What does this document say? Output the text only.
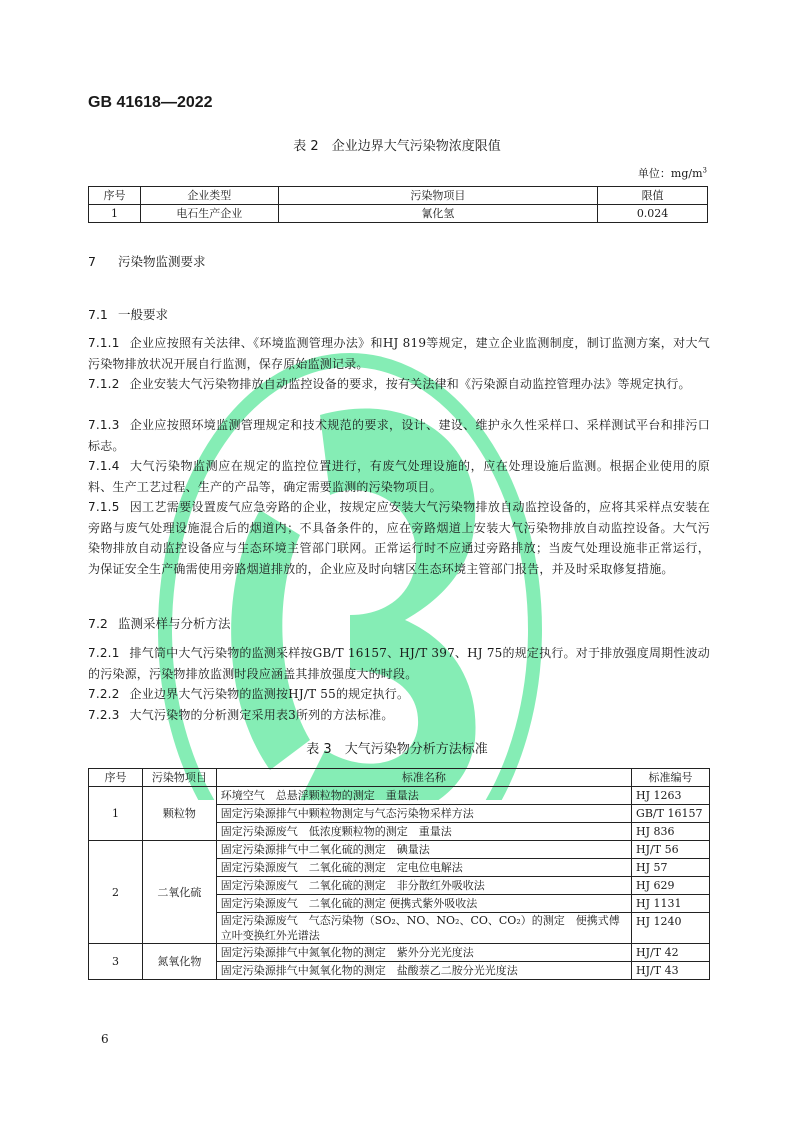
GB 41618—2022
表 2　企业边界大气污染物浓度限值
单位：$mg/m^3$
序号	企业类型	污染物项目	限值
1	电石生产企业	氰化氢	0.024
7 污染物监测要求
7.1 一般要求
7.1.1 企业应按照有关法律、《环境监测管理办法》和HJ 819等规定，建立企业监测制度，制订监测方案，对大气污染物排放状况开展自行监测，保存原始监测记录。
7.1.2 企业安装大气污染物排放自动监控设备的要求，按有关法律和《污染源自动监控管理办法》等规定执行。
7.1.3 企业应按照环境监测管理规定和技术规范的要求，设计、建设、维护永久性采样口、采样测试平台和排污口标志。
7.1.4 大气污染物监测应在规定的监控位置进行，有废气处理设施的，应在处理设施后监测。根据企业使用的原料、生产工艺过程、生产的产品等，确定需要监测的污染物项目。
7.1.5 因工艺需要设置废气应急旁路的企业，按规定应安装大气污染物排放自动监控设备的，应将其采样点安装在旁路与废气处理设施混合后的烟道内；不具备条件的，应在旁路烟道上安装大气污染物排放自动监控设备。大气污染物排放自动监控设备应与生态环境主管部门联网。正常运行时不应通过旁路排放；当废气处理设施非正常运行，为保证安全生产确需使用旁路烟道排放的，企业应及时向辖区生态环境主管部门报告，并及时采取修复措施。
7.2 监测采样与分析方法
7.2.1 排气筒中大气污染物的监测采样按GB/T 16157、HJ/T 397、HJ 75的规定执行。对于排放强度周期性波动的污染源，污染物排放监测时段应涵盖其排放强度大的时段。
7.2.2 企业边界大气污染物的监测按HJ/T 55的规定执行。
7.2.3 大气污染物的分析测定采用表3所列的方法标准。
表 3　大气污染物分析方法标准
序号	污染物项目	标准名称	标准编号
1	颗粒物	环境空气　总悬浮颗粒物的测定　重量法	HJ 1263
		固定污染源排气中颗粒物测定与气态污染物采样方法	GB/T 16157
		固定污染源废气　低浓度颗粒物的测定　重量法	HJ 836
2	二氧化硫	固定污染源排气中二氧化硫的测定　碘量法	HJ/T 56
		固定污染源废气　二氧化硫的测定　定电位电解法	HJ 57
		固定污染源废气　二氧化硫的测定　非分散红外吸收法	HJ 629
		固定污染源废气　二氧化硫的测定 便携式紫外吸收法	HJ 1131
		固定污染源废气　气态污染物（SO₂、NO、NO₂、CO、CO₂）的测定　便携式傅立叶变换红外光谱法	HJ 1240
3	氮氧化物	固定污染源排气中氮氧化物的测定　紫外分光光度法	HJ/T 42
		固定污染源排气中氮氧化物的测定　盐酸萘乙二胺分光光度法	HJ/T 43
6
